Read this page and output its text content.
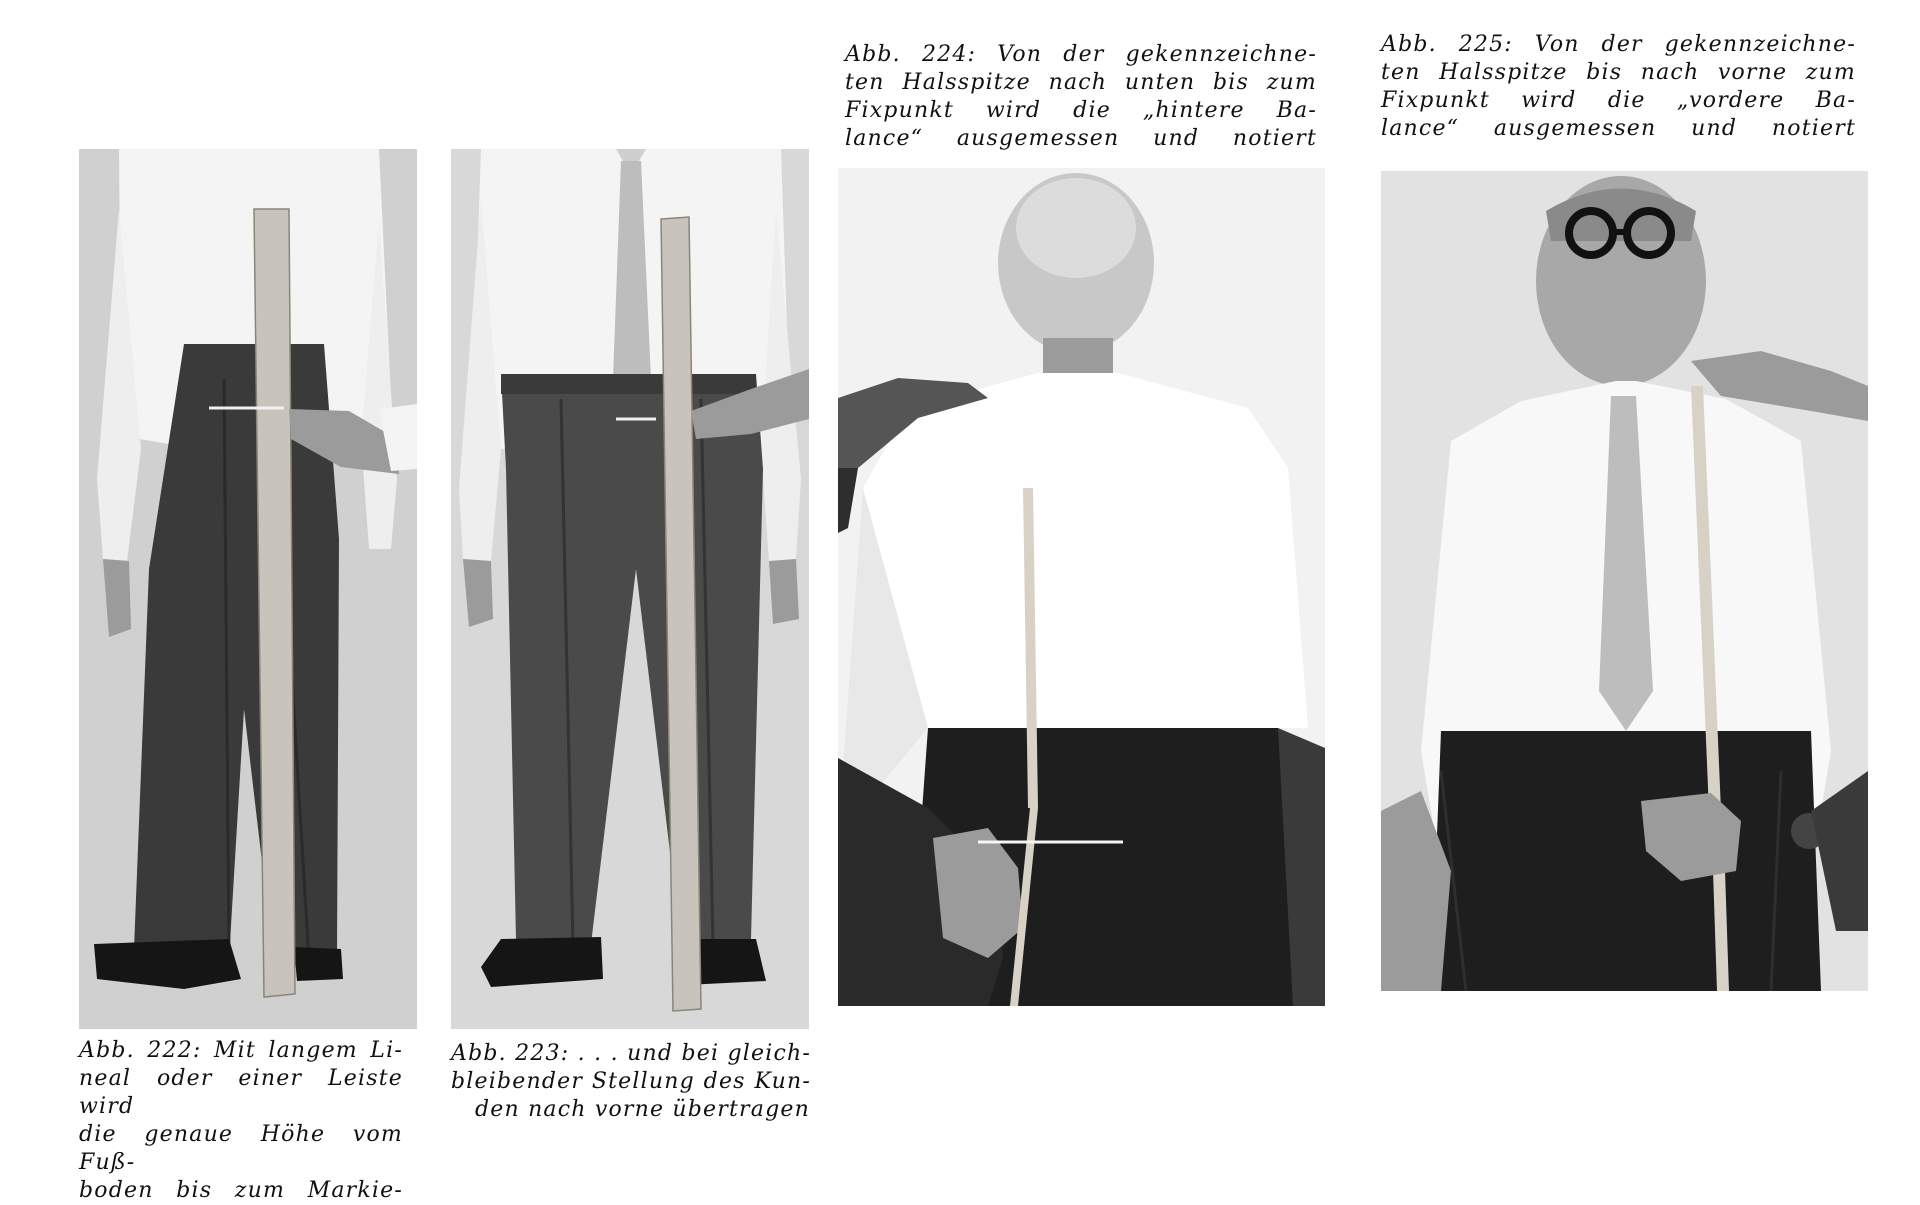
Abb. 222: Mit langem Li-
neal oder einer Leiste wird
die genaue Höhe vom Fuß-
boden bis zum Markie-
Abb. 223: . . . und bei gleich-
bleibender Stellung des Kun-
den nach vorne übertragen
Abb. 224: Von der gekennzeichne-
ten Halsspitze nach unten bis zum
Fixpunkt wird die „hintere Ba-
lance“ ausgemessen und notiert
Abb. 225: Von der gekennzeichne-
ten Halsspitze bis nach vorne zum
Fixpunkt wird die „vordere Ba-
lance“ ausgemessen und notiert
